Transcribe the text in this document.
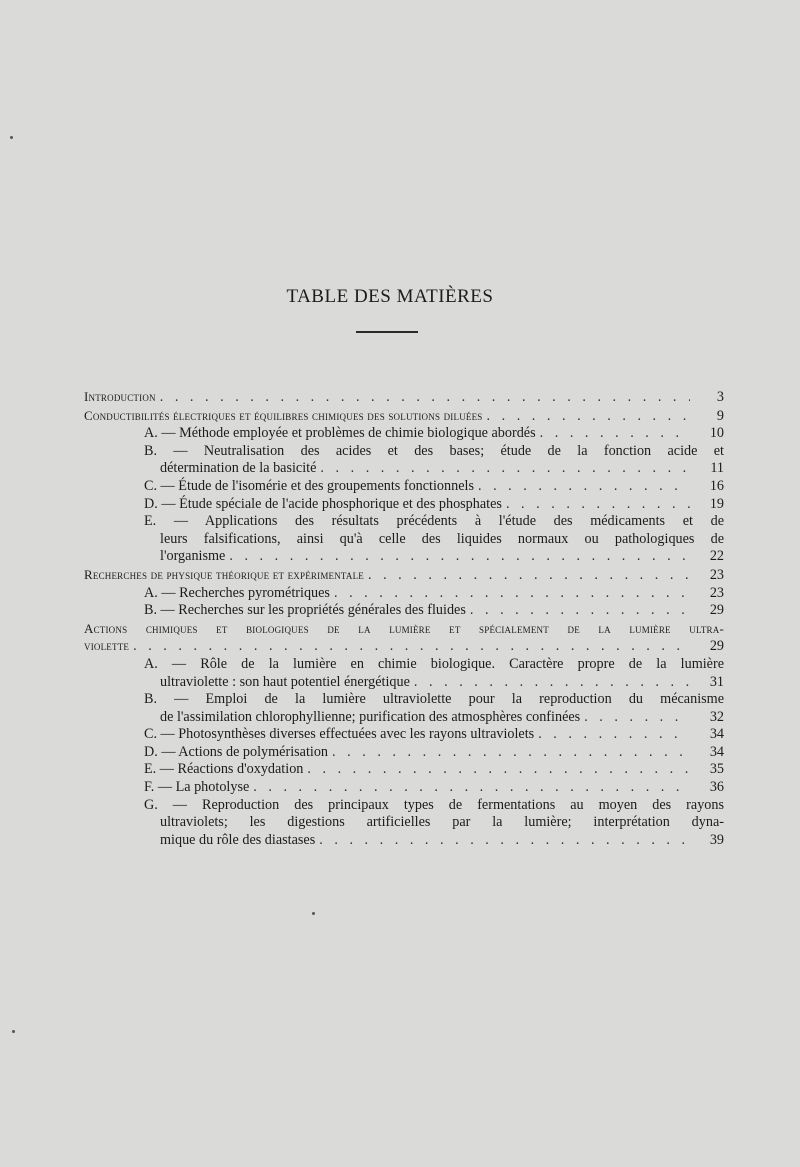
TABLE DES MATIÈRES
Introduction . . .	3
Conductibilités électriques et équilibres chimiques des solutions diluées . . .	9
A. — Méthode employée et problèmes de chimie biologique abordés . . .	10
B. — Neutralisation des acides et des bases; étude de la fonction acide et
détermination de la basicité . . .	11
C. — Étude de l'isomérie et des groupements fonctionnels . . .	16
D. — Étude spéciale de l'acide phosphorique et des phosphates . . .	19
E. — Applications des résultats précédents à l'étude des médicaments et de
leurs falsifications, ainsi qu'à celle des liquides normaux ou pathologiques de
l'organisme . . .	22
Recherches de physique théorique et expérimentale . . .	23
A. — Recherches pyrométriques . . .	23
B. — Recherches sur les propriétés générales des fluides . . .	29
Actions chimiques et biologiques de la lumière et spécialement de la lumière ultra-
violette . . .	29
A. — Rôle de la lumière en chimie biologique. Caractère propre de la lumière
ultraviolette : son haut potentiel énergétique . . .	31
B. — Emploi de la lumière ultraviolette pour la reproduction du mécanisme
de l'assimilation chlorophyllienne; purification des atmosphères confinées . . .	32
C. — Photosynthèses diverses effectuées avec les rayons ultraviolets . . .	34
D. — Actions de polymérisation . . .	34
E. — Réactions d'oxydation . . .	35
F. — La photolyse . . .	36
G. — Reproduction des principaux types de fermentations au moyen des rayons
ultraviolets; les digestions artificielles par la lumière; interprétation dyna-
mique du rôle des diastases . . .	39
